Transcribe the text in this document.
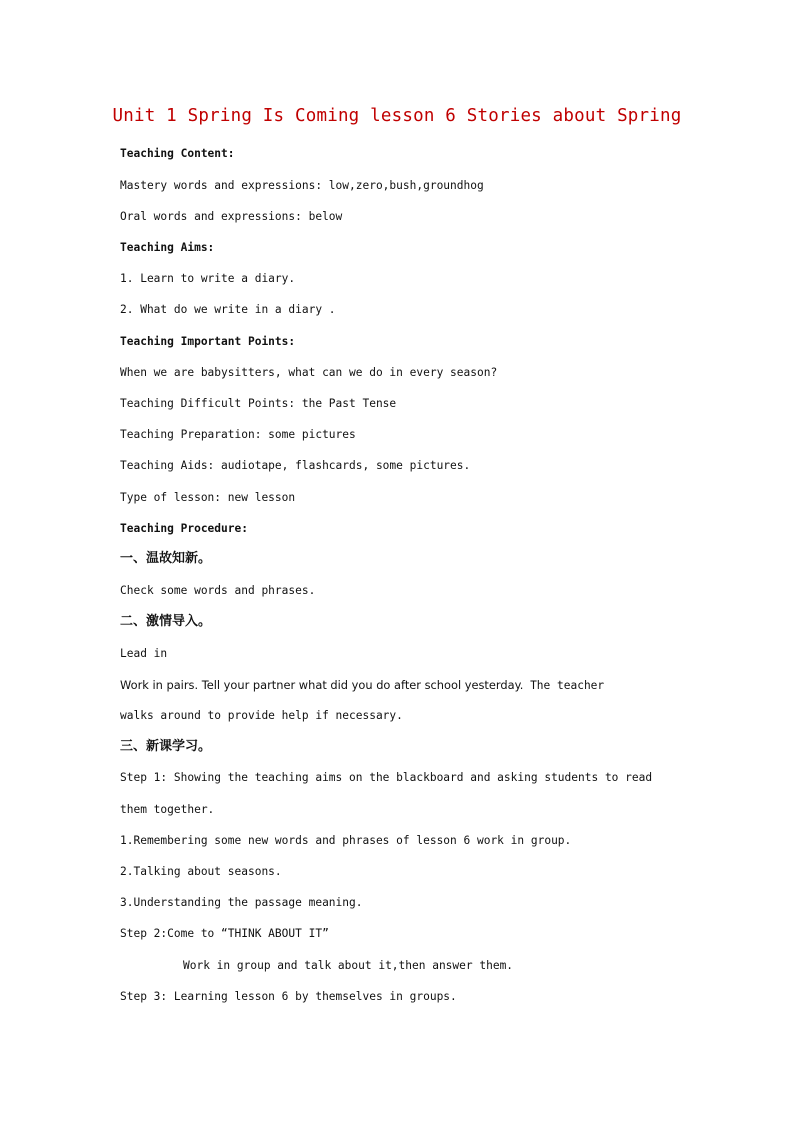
Unit 1 Spring Is Coming lesson 6 Stories about Spring
Teaching Content:
Mastery words and expressions: low,zero,bush,groundhog
Oral words and expressions: below
Teaching Aims:
1. Learn to write a diary.
2. What do we write in a diary .
Teaching Important Points:
When we are babysitters, what can we do in every season?
Teaching Difficult Points: the Past Tense
Teaching Preparation: some pictures
Teaching Aids: audiotape, flashcards, some pictures.
Type of lesson: new lesson
Teaching Procedure:
一、温故知新。
Check some words and phrases.
二、激情导入。
Lead in
Work in pairs. Tell your partner what did you do after school yesterday. The teacher
walks around to provide help if necessary.
三、新课学习。
Step 1: Showing the teaching aims on the blackboard and asking students to read
them together.
1.Remembering some new words and phrases of lesson 6 work in group.
2.Talking about seasons.
3.Understanding the passage meaning.
Step 2:Come to “THINK ABOUT IT”
Work in group and talk about it,then answer them.
Step 3: Learning lesson 6 by themselves in groups.
